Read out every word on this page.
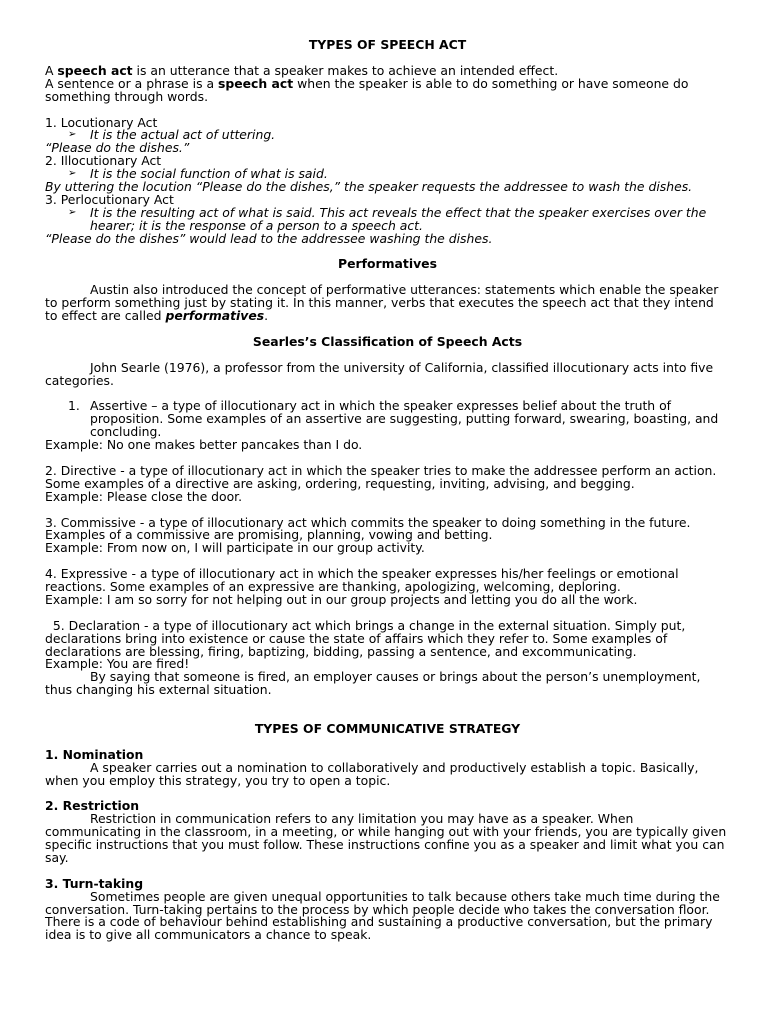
TYPES OF SPEECH ACT

A speech act is an utterance that a speaker makes to achieve an intended effect.

A sentence or a phrase is a speech act when the speaker is able to do something or have someone do something through words.

1. Locutionary Act

➢ It is the actual act of uttering.

“Please do the dishes.”

2. Illocutionary Act

➢ It is the social function of what is said.

By uttering the locution “Please do the dishes,” the speaker requests the addressee to wash the dishes.

3. Perlocutionary Act

➢ It is the resulting act of what is said. This act reveals the effect that the speaker exercises over the hearer; it is the response of a person to a speech act.

“Please do the dishes” would lead to the addressee washing the dishes.

Performatives

Austin also introduced the concept of performative utterances: statements which enable the speaker to perform something just by stating it. In this manner, verbs that executes the speech act that they intend to effect are called performatives.

Searles’s Classification of Speech Acts

John Searle (1976), a professor from the university of California, classified illocutionary acts into five categories.

1. Assertive – a type of illocutionary act in which the speaker expresses belief about the truth of proposition. Some examples of an assertive are suggesting, putting forward, swearing, boasting, and concluding.

Example: No one makes better pancakes than I do.

2. Directive - a type of illocutionary act in which the speaker tries to make the addressee perform an action. Some examples of a directive are asking, ordering, requesting, inviting, advising, and begging.

Example: Please close the door.

3. Commissive - a type of illocutionary act which commits the speaker to doing something in the future. Examples of a commissive are promising, planning, vowing and betting.

Example: From now on, I will participate in our group activity.

4. Expressive - a type of illocutionary act in which the speaker expresses his/her feelings or emotional reactions. Some examples of an expressive are thanking, apologizing, welcoming, deploring.

Example: I am so sorry for not helping out in our group projects and letting you do all the work.

5. Declaration - a type of illocutionary act which brings a change in the external situation. Simply put, declarations bring into existence or cause the state of affairs which they refer to. Some examples of declarations are blessing, firing, baptizing, bidding, passing a sentence, and excommunicating.

Example: You are fired!

By saying that someone is fired, an employer causes or brings about the person’s unemployment, thus changing his external situation.

TYPES OF COMMUNICATIVE STRATEGY

1. Nomination

A speaker carries out a nomination to collaboratively and productively establish a topic. Basically, when you employ this strategy, you try to open a topic.

2. Restriction

Restriction in communication refers to any limitation you may have as a speaker. When communicating in the classroom, in a meeting, or while hanging out with your friends, you are typically given specific instructions that you must follow. These instructions confine you as a speaker and limit what you can say.

3. Turn-taking

Sometimes people are given unequal opportunities to talk because others take much time during the conversation. Turn-taking pertains to the process by which people decide who takes the conversation floor. There is a code of behaviour behind establishing and sustaining a productive conversation, but the primary idea is to give all communicators a chance to speak.
